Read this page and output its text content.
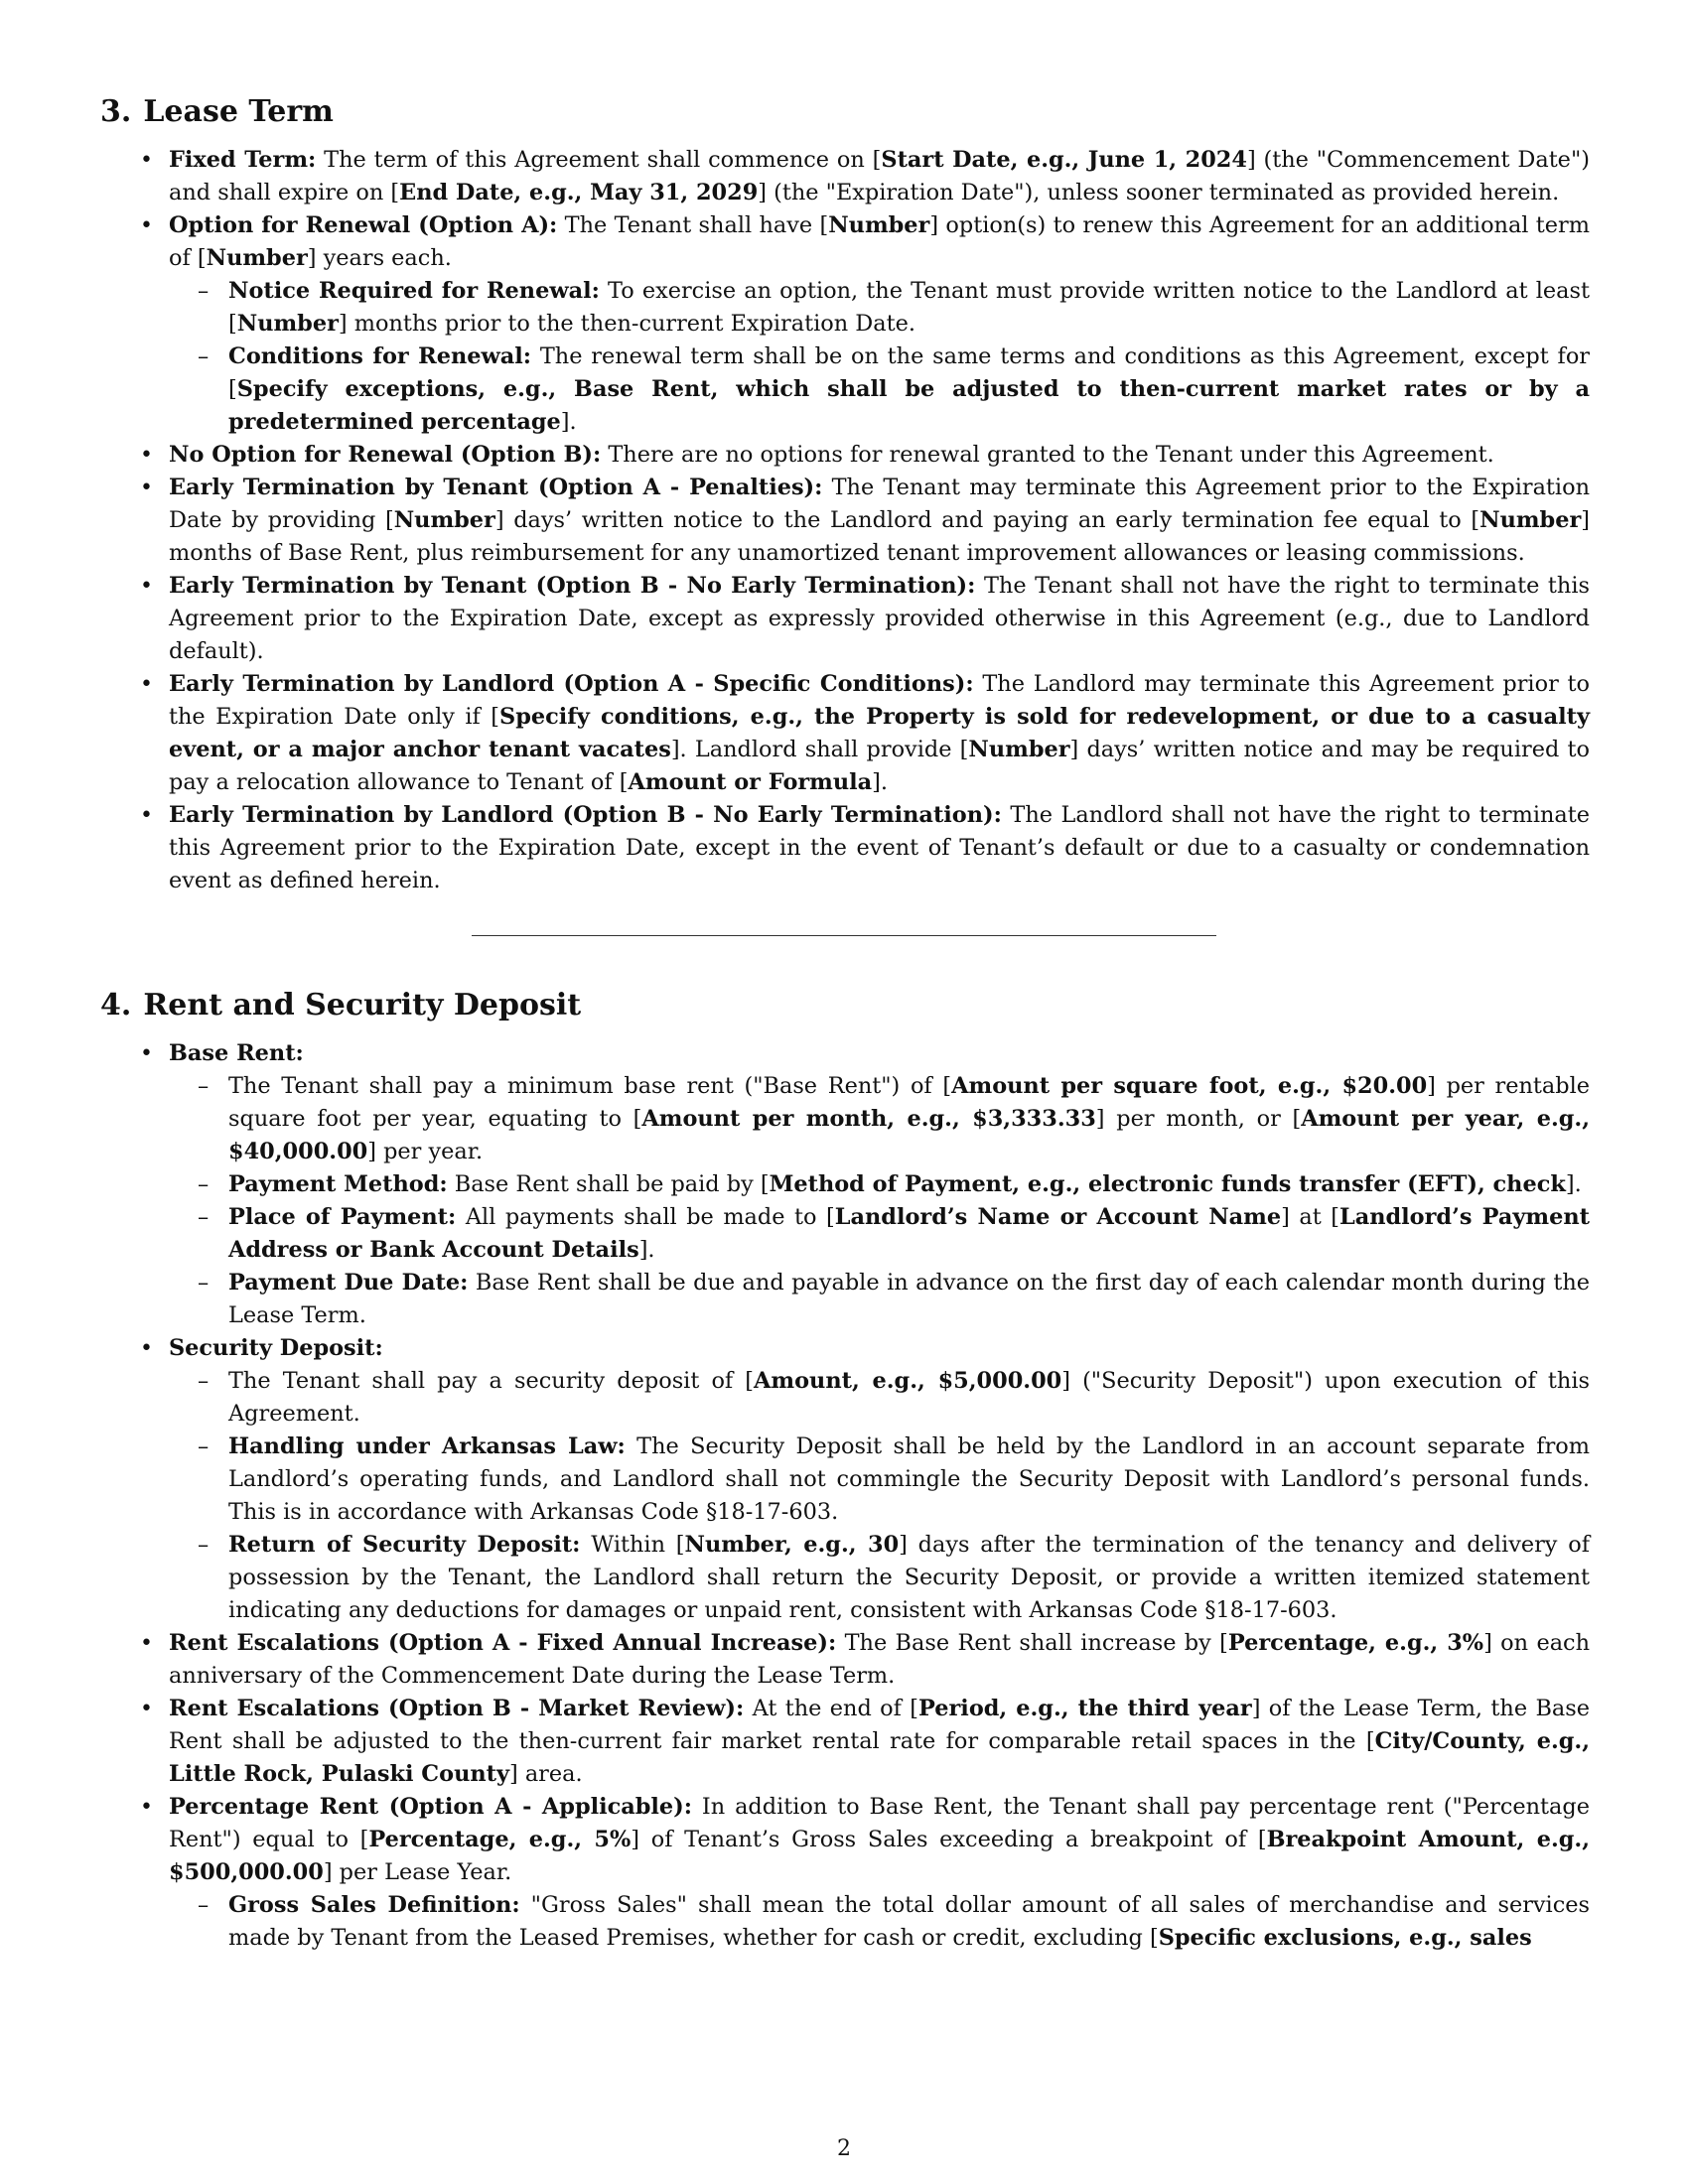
3. Lease Term
• Fixed Term: The term of this Agreement shall commence on [Start Date, e.g., June 1, 2024] (the "Commencement Date") and shall expire on [End Date, e.g., May 31, 2029] (the "Expiration Date"), unless sooner terminated as provided herein.
• Option for Renewal (Option A): The Tenant shall have [Number] option(s) to renew this Agreement for an additional term of [Number] years each.
– Notice Required for Renewal: To exercise an option, the Tenant must provide written notice to the Landlord at least [Number] months prior to the then-current Expiration Date.
– Conditions for Renewal: The renewal term shall be on the same terms and conditions as this Agreement, except for [Specify exceptions, e.g., Base Rent, which shall be adjusted to then-current market rates or by a predetermined percentage].
• No Option for Renewal (Option B): There are no options for renewal granted to the Tenant under this Agreement.
• Early Termination by Tenant (Option A - Penalties): The Tenant may terminate this Agreement prior to the Expiration Date by providing [Number] days’ written notice to the Landlord and paying an early termination fee equal to [Number] months of Base Rent, plus reimbursement for any unamortized tenant improvement allowances or leasing commissions.
• Early Termination by Tenant (Option B - No Early Termination): The Tenant shall not have the right to terminate this Agreement prior to the Expiration Date, except as expressly provided otherwise in this Agreement (e.g., due to Landlord default).
• Early Termination by Landlord (Option A - Specific Conditions): The Landlord may terminate this Agreement prior to the Expiration Date only if [Specify conditions, e.g., the Property is sold for redevelopment, or due to a casualty event, or a major anchor tenant vacates]. Landlord shall provide [Number] days’ written notice and may be required to pay a relocation allowance to Tenant of [Amount or Formula].
• Early Termination by Landlord (Option B - No Early Termination): The Landlord shall not have the right to terminate this Agreement prior to the Expiration Date, except in the event of Tenant’s default or due to a casualty or condemnation event as defined herein.
4. Rent and Security Deposit
• Base Rent:
– The Tenant shall pay a minimum base rent ("Base Rent") of [Amount per square foot, e.g., $20.00] per rentable square foot per year, equating to [Amount per month, e.g., $3,333.33] per month, or [Amount per year, e.g., $40,000.00] per year.
– Payment Method: Base Rent shall be paid by [Method of Payment, e.g., electronic funds transfer (EFT), check].
– Place of Payment: All payments shall be made to [Landlord’s Name or Account Name] at [Landlord’s Payment Address or Bank Account Details].
– Payment Due Date: Base Rent shall be due and payable in advance on the first day of each calendar month during the Lease Term.
• Security Deposit:
– The Tenant shall pay a security deposit of [Amount, e.g., $5,000.00] ("Security Deposit") upon execution of this Agreement.
– Handling under Arkansas Law: The Security Deposit shall be held by the Landlord in an account separate from Landlord’s operating funds, and Landlord shall not commingle the Security Deposit with Landlord’s personal funds. This is in accordance with Arkansas Code §18-17-603.
– Return of Security Deposit: Within [Number, e.g., 30] days after the termination of the tenancy and delivery of possession by the Tenant, the Landlord shall return the Security Deposit, or provide a written itemized statement indicating any deductions for damages or unpaid rent, consistent with Arkansas Code §18-17-603.
• Rent Escalations (Option A - Fixed Annual Increase): The Base Rent shall increase by [Percentage, e.g., 3%] on each anniversary of the Commencement Date during the Lease Term.
• Rent Escalations (Option B - Market Review): At the end of [Period, e.g., the third year] of the Lease Term, the Base Rent shall be adjusted to the then-current fair market rental rate for comparable retail spaces in the [City/County, e.g., Little Rock, Pulaski County] area.
• Percentage Rent (Option A - Applicable): In addition to Base Rent, the Tenant shall pay percentage rent ("Percentage Rent") equal to [Percentage, e.g., 5%] of Tenant’s Gross Sales exceeding a breakpoint of [Breakpoint Amount, e.g., $500,000.00] per Lease Year.
– Gross Sales Definition: "Gross Sales" shall mean the total dollar amount of all sales of merchandise and services made by Tenant from the Leased Premises, whether for cash or credit, excluding [Specific exclusions, e.g., sales
2
